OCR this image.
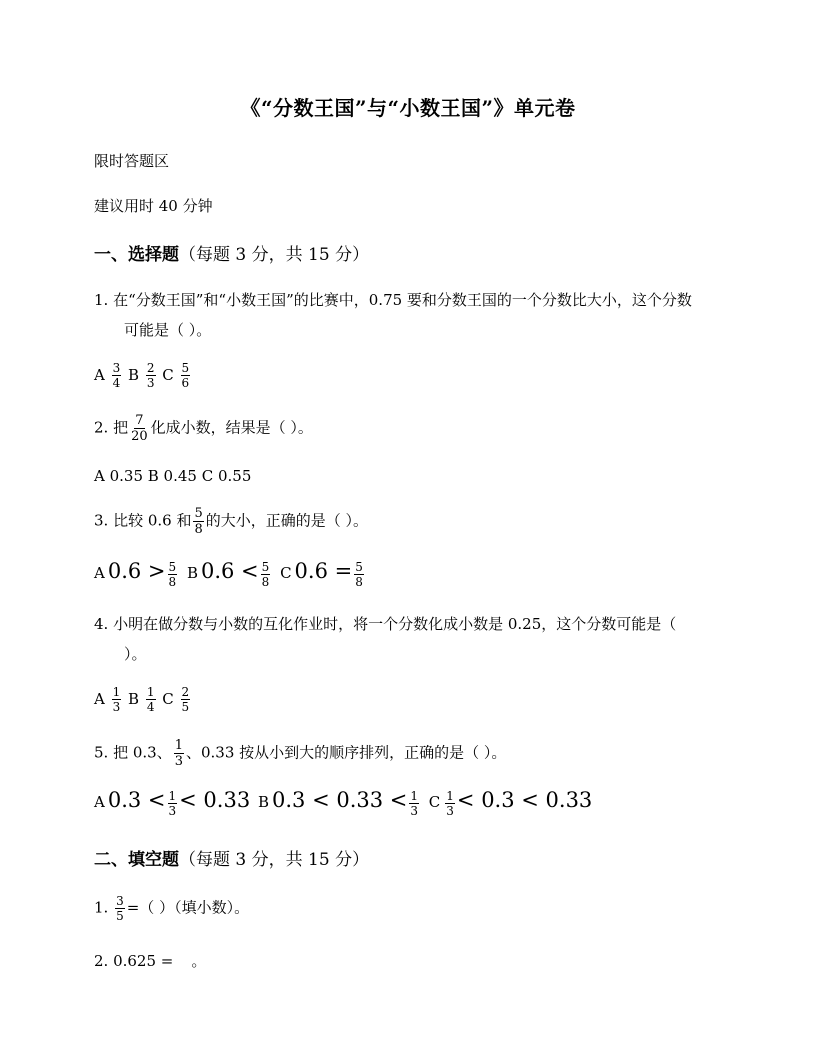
《“分数王国”与“小数王国”》单元卷
限时答题区
建议用时 40 分钟
一、选择题（每题 3 分，共 15 分）
1. 在“分数王国”和“小数王国”的比赛中，0.75 要和分数王国的一个分数比大小，这个分数
可能是（ ）。
A $\frac{3}{4}$ B $\frac{2}{3}$ C $\frac{5}{6}$
2. 把 $\frac{7}{20}$ 化成小数，结果是（ ）。
A 0.35 B 0.45 C 0.55
3. 比较 0.6 和 $\frac{5}{8}$ 的大小，正确的是（ ）。
A $0.6 > \frac{5}{8}$ B $0.6 < \frac{5}{8}$ C $0.6 = \frac{5}{8}$
4. 小明在做分数与小数的互化作业时，将一个分数化成小数是 0.25，这个分数可能是（
）。
A $\frac{1}{3}$ B $\frac{1}{4}$ C $\frac{2}{5}$
5. 把 0.3、 $\frac{1}{3}$ 、0.33 按从小到大的顺序排列，正确的是（ ）。
A $0.3 < \frac{1}{3} < 0.33$ B $0.3 < 0.33 < \frac{1}{3}$ C $\frac{1}{3} < 0.3 < 0.33$
二、填空题（每题 3 分，共 15 分）
1. $\frac{3}{5}$ =（ ）（填小数）。
2. 0.625 = 。
